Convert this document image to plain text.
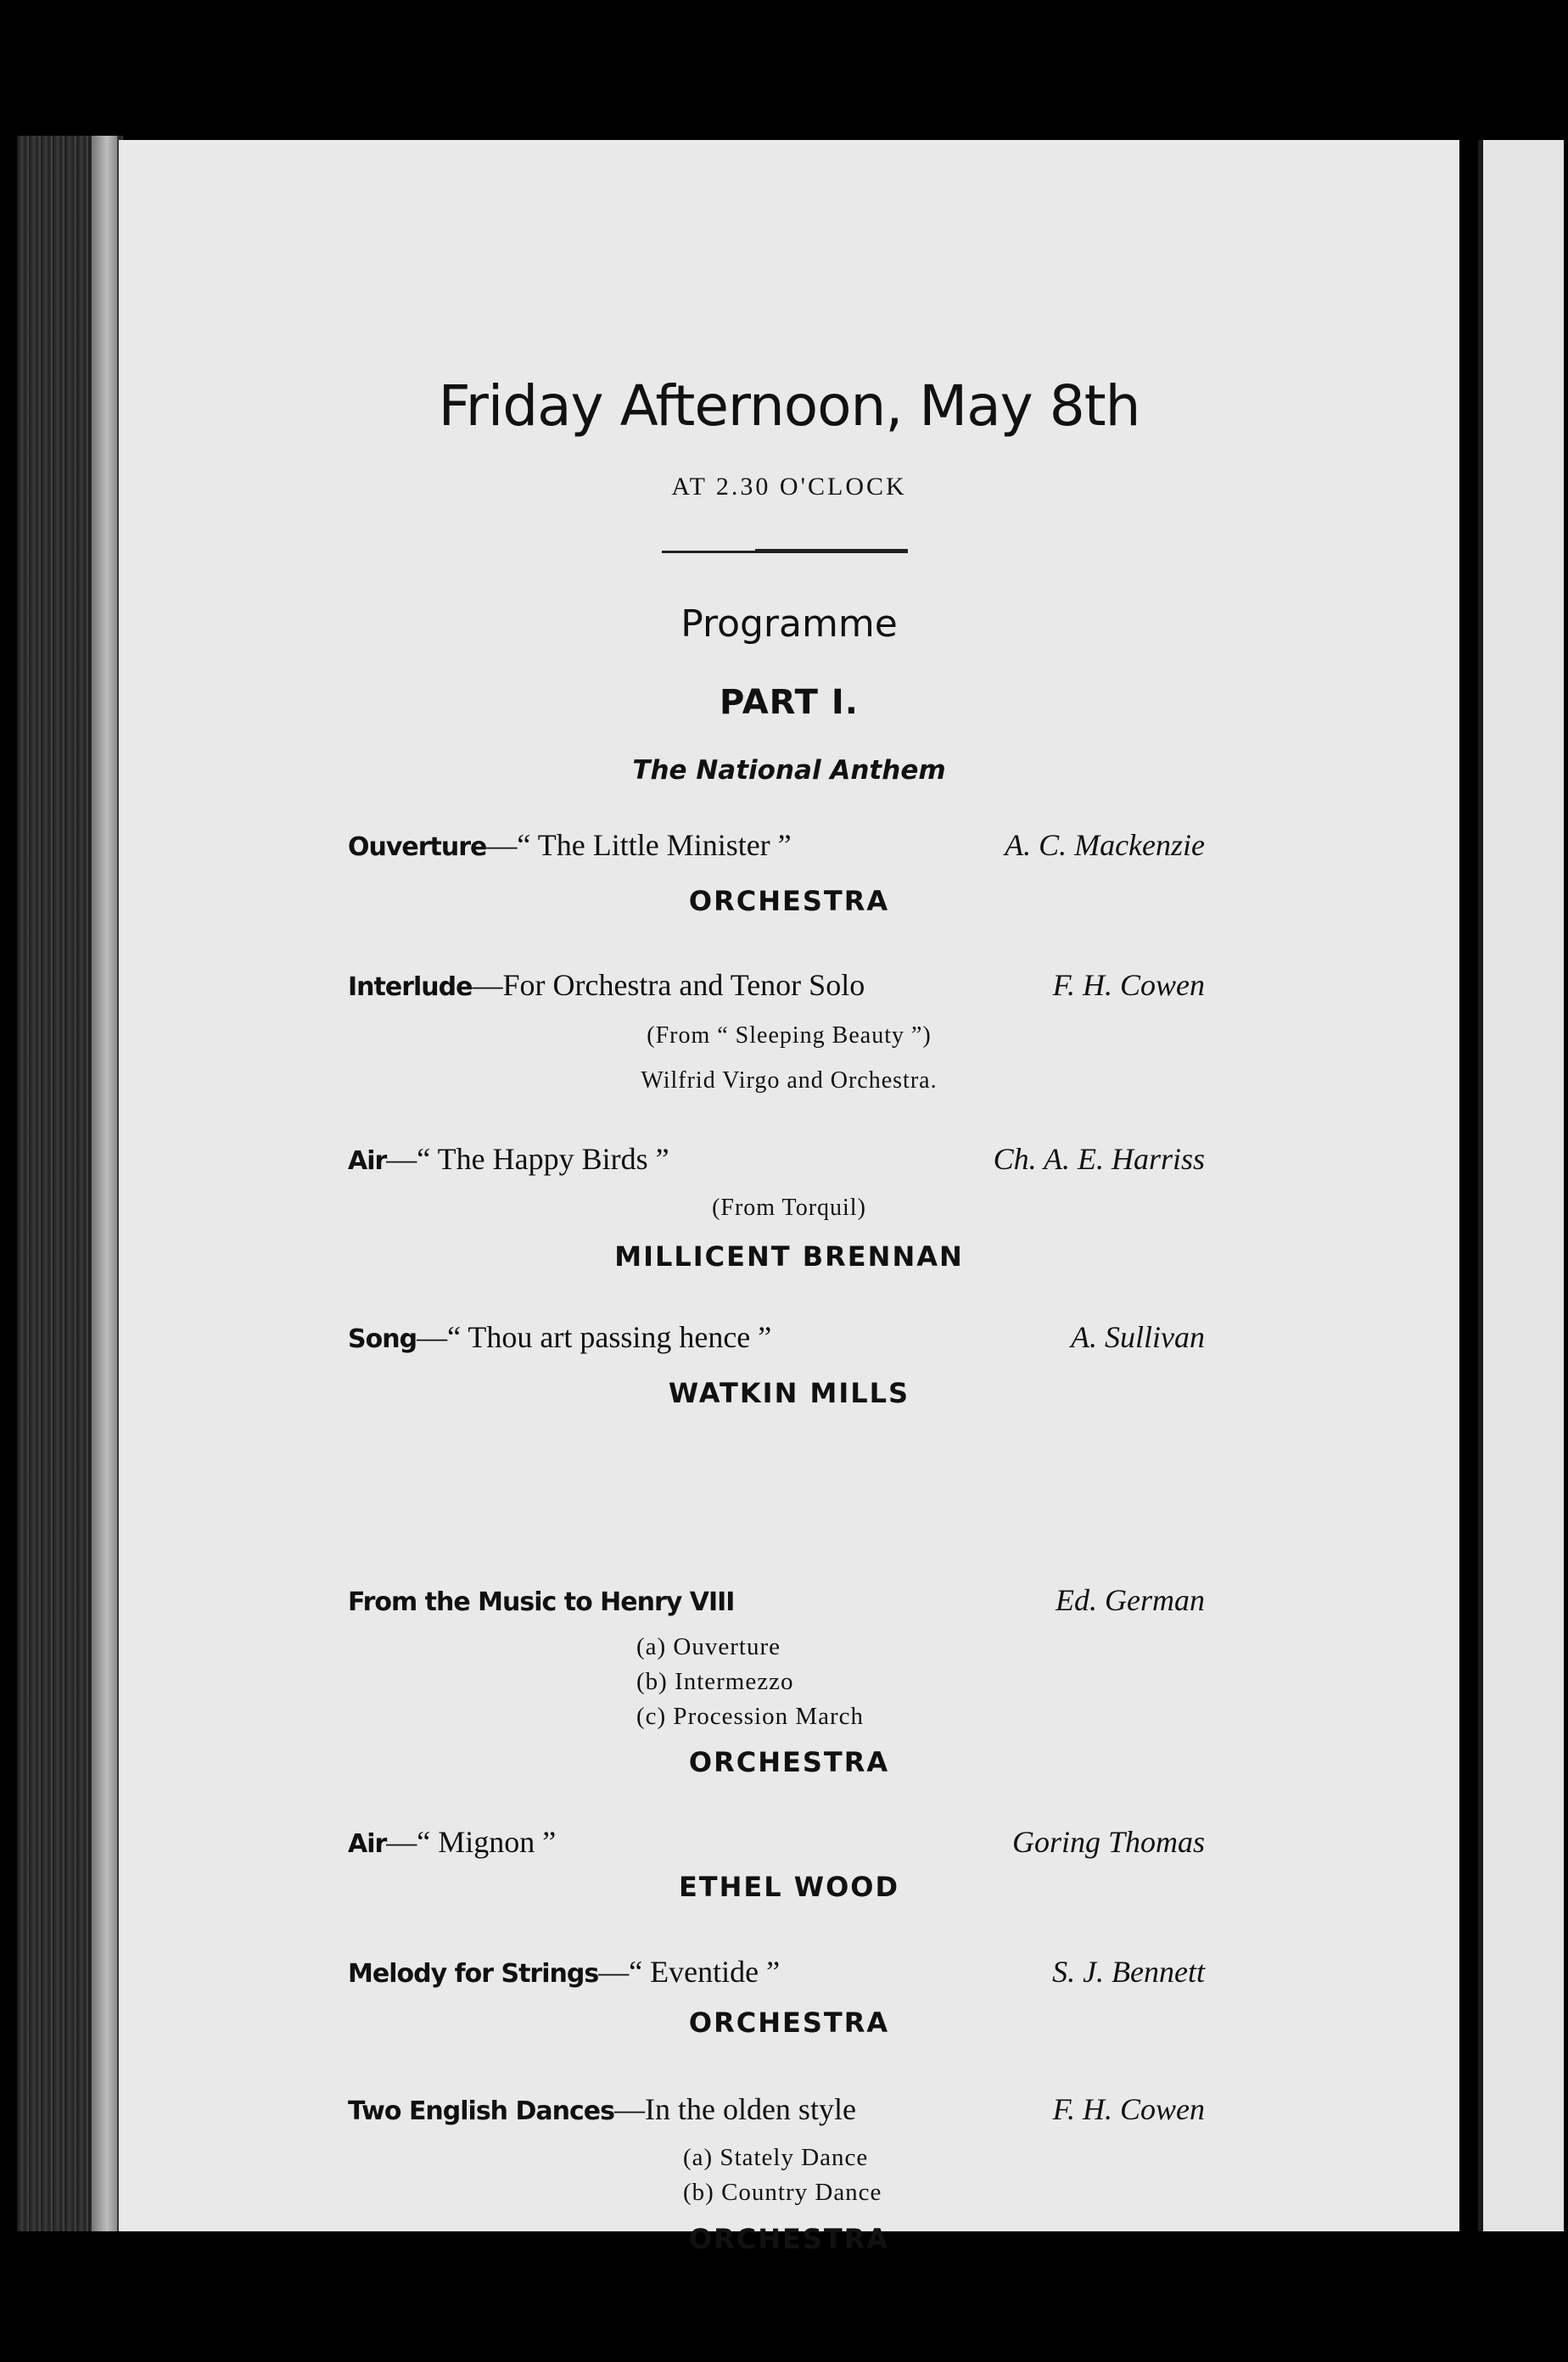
Friday Afternoon, May 8th
AT 2.30 O'CLOCK
Programme
PART I.
The National Anthem
Ouverture—“ The Little Minister ”	A. C. Mackenzie
ORCHESTRA
Interlude—For Orchestra and Tenor Solo	F. H. Cowen
(From “ Sleeping Beauty ”)
Wilfrid Virgo and Orchestra.
Air—“ The Happy Birds ”	Ch. A. E. Harriss
(From Torquil)
MILLICENT BRENNAN
Song—“ Thou art passing hence ”	A. Sullivan
WATKIN MILLS
From the Music to Henry VIII	Ed. German
(a) Ouverture
(b) Intermezzo
(c) Procession March
ORCHESTRA
Air—“ Mignon ”	Goring Thomas
ETHEL WOOD
Melody for Strings—“ Eventide ”	S. J. Bennett
ORCHESTRA
Two English Dances—In the olden style	F. H. Cowen
(a) Stately Dance
(b) Country Dance
ORCHESTRA
